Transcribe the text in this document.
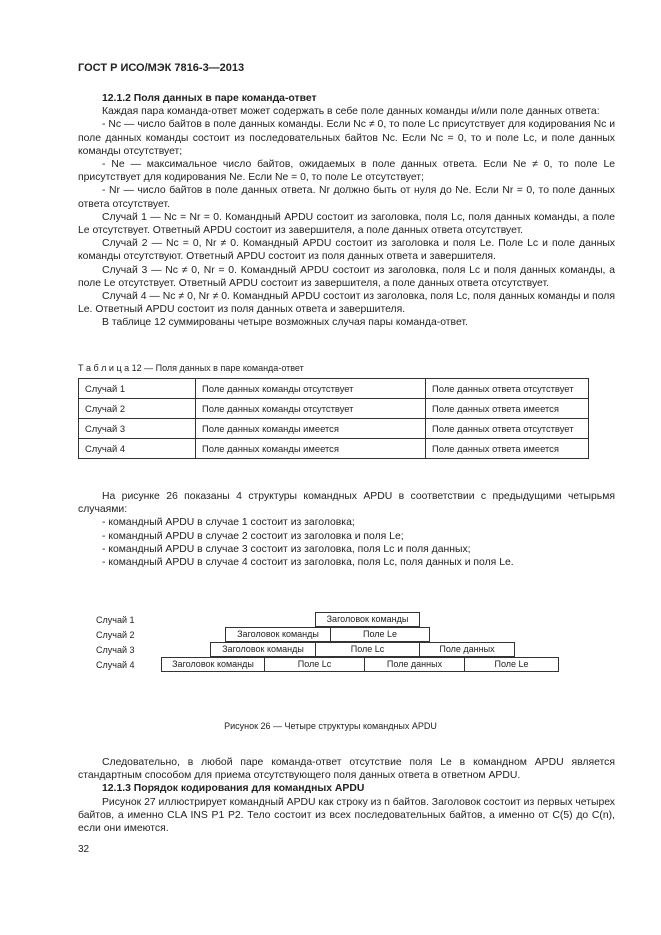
ГОСТ Р ИСО/МЭК 7816-3—2013
12.1.2 Поля данных в паре команда-ответ

Каждая пара команда-ответ может содержать в себе поле данных команды и/или поле данных ответа:

- Nc — число байтов в поле данных команды. Если Nc ≠ 0, то поле Lc присутствует для кодирования Nc и поле данных команды состоит из последовательных байтов Nc. Если Nc = 0, то и поле Lc, и поле данных команды отсутствует;

- Ne — максимальное число байтов, ожидаемых в поле данных ответа. Если Ne ≠ 0, то поле Le присутствует для кодирования Ne. Если Ne = 0, то поле Le отсутствует;

- Nr — число байтов в поле данных ответа. Nr должно быть от нуля до Ne. Если Nr = 0, то поле данных ответа отсутствует.

Случай 1 — Nc = Nr = 0. Командный APDU состоит из заголовка, поля Lc, поля данных команды, а поле Le отсутствует. Ответный APDU состоит из завершителя, а поле данных ответа отсутствует.

Случай 2 — Nc = 0, Nr ≠ 0. Командный APDU состоит из заголовка и поля Le. Поле Lc и поле данных команды отсутствуют. Ответный APDU состоит из поля данных ответа и завершителя.

Случай 3 — Nc ≠ 0, Nr = 0. Командный APDU состоит из заголовка, поля Lc и поля данных команды, а поле Le отсутствует. Ответный APDU состоит из завершителя, а поле данных ответа отсутствует.

Случай 4 — Nc ≠ 0, Nr ≠ 0. Командный APDU состоит из заголовка, поля Lc, поля данных команды и поля Le. Ответный APDU состоит из поля данных ответа и завершителя.

В таблице 12 суммированы четыре возможных случая пары команда-ответ.

Т а б л и ц а 12 — Поля данных в паре команда-ответ
Случай 1	Поле данных команды отсутствует	Поле данных ответа отсутствует
Случай 2	Поле данных команды отсутствует	Поле данных ответа имеется
Случай 3	Поле данных команды имеется	Поле данных ответа отсутствует
Случай 4	Поле данных команды имеется	Поле данных ответа имеется

На рисунке 26 показаны 4 структуры командных APDU в соответствии с предыдущими четырьмя случаями:

- командный APDU в случае 1 состоит из заголовка;
- командный APDU в случае 2 состоит из заголовка и поля Le;
- командный APDU в случае 3 состоит из заголовка, поля Lc и поля данных;
- командный APDU в случае 4 состоит из заголовка, поля Lc, поля данных и поля Le.
Случай 1
Случай 2
Случай 3
Случай 4
Заголовок команды
Заголовок команды	Поле Le
Заголовок команды	Поле Lc	Поле данных
Заголовок команды	Поле Lc	Поле данных	Поле Le
Рисунок 26 — Четыре структуры командных APDU

Следовательно, в любой паре команда-ответ отсутствие поля Le в командном APDU является стандартным способом для приема отсутствующего поля данных ответа в ответном APDU.

12.1.3 Порядок кодирования для командных APDU

Рисунок 27 иллюстрирует командный APDU как строку из n байтов. Заголовок состоит из первых четырех байтов, а именно CLA INS P1 P2. Тело состоит из всех последовательных байтов, а именно от C(5) до C(n), если они имеются.

32
